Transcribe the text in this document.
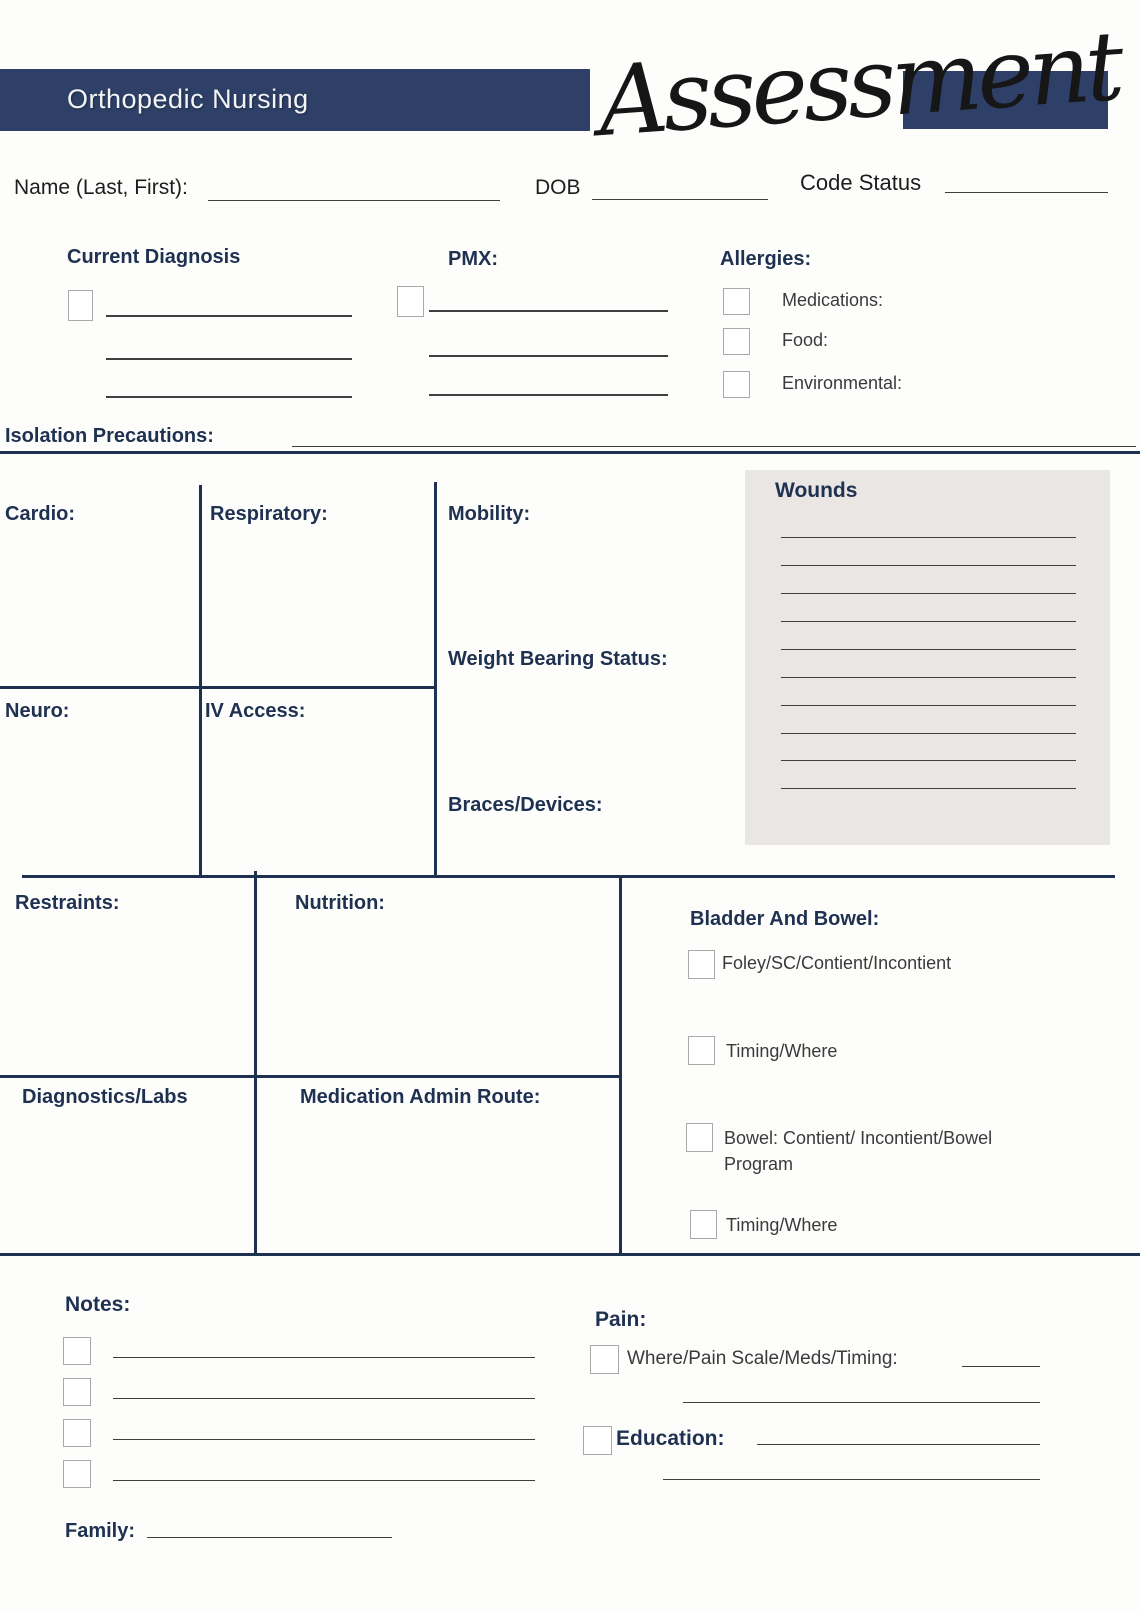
Orthopedic Nursing	Assessment
Name (Last, First):	DOB	Code Status
Current Diagnosis	PMX:	Allergies:
Medications:
Food:
Environmental:
Isolation Precautions:
Cardio:	Respiratory:	Mobility:
Weight Bearing Status:
Neuro:	IV Access:
Braces/Devices:
Wounds
Restraints:	Nutrition:
Diagnostics/Labs	Medication Admin Route:
Bladder And Bowel:
Foley/SC/Contient/Incontient
Timing/Where
Bowel: Contient/ Incontient/Bowel Program
Timing/Where
Notes:
Family:
Pain:
Where/Pain Scale/Meds/Timing:
Education:
